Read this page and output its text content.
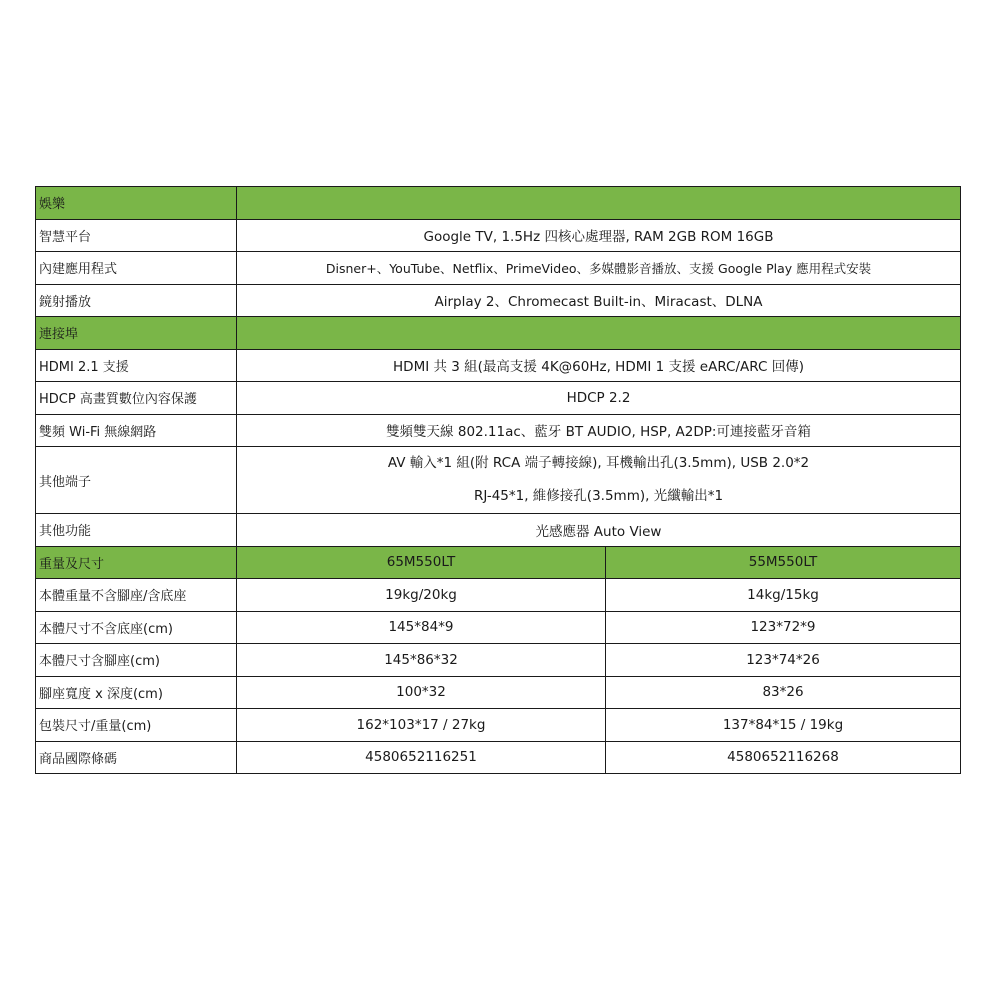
娛樂		
智慧平台	Google TV, 1.5Hz 四核心處理器, RAM 2GB ROM 16GB	
內建應用程式	Disner+、YouTube、Netflix、PrimeVideo、多媒體影音播放、支援 Google Play 應用程式安裝	
鏡射播放	Airplay 2、Chromecast Built-in、Miracast、DLNA	
連接埠		
HDMI 2.1 支援	HDMI 共 3 組(最高支援 4K@60Hz, HDMI 1 支援 eARC/ARC 回傳)	
HDCP 高畫質數位內容保護	HDCP 2.2	
雙頻 Wi-Fi 無線網路	雙頻雙天線 802.11ac、藍牙 BT AUDIO, HSP, A2DP:可連接藍牙音箱	
其他端子	AV 輸入*1 組(附 RCA 端子轉接線), 耳機輸出孔(3.5mm), USB 2.0*2
RJ-45*1, 維修接孔(3.5mm), 光纖輸出*1	

其他功能	光感應器 Auto View	
重量及尺寸	65M550LT	55M550LT
本體重量不含腳座/含底座	19kg/20kg	14kg/15kg
本體尺寸不含底座(cm)	145*84*9	123*72*9
本體尺寸含腳座(cm)	145*86*32	123*74*26
腳座寬度 x 深度(cm)	100*32	83*26
包裝尺寸/重量(cm)	162*103*17 / 27kg	137*84*15 / 19kg
商品國際條碼	4580652116251	4580652116268
